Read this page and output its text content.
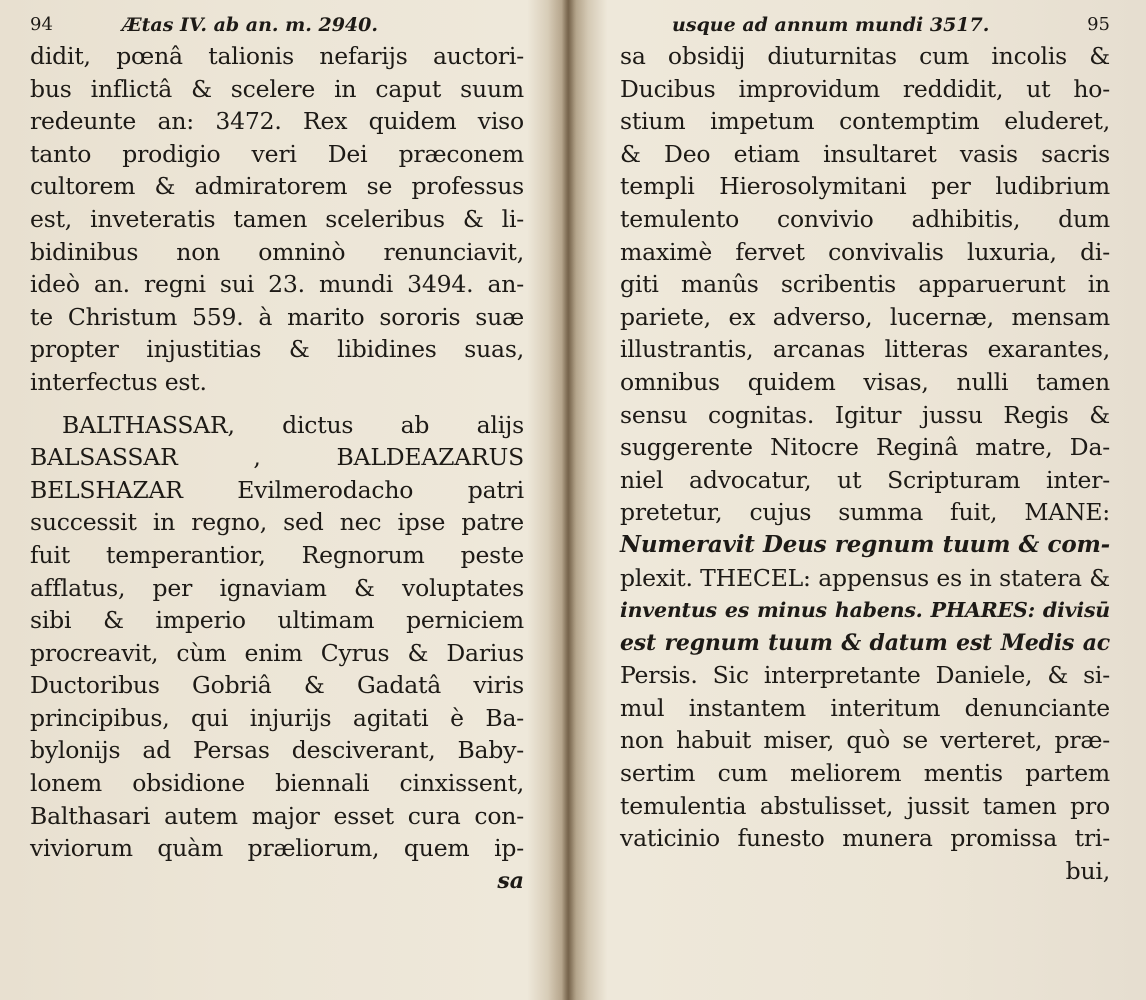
94	Ætas IV. ab an. m. 2940.
didit, pœnâ talionis nefarijs auctori-
bus inflictâ & scelere in caput suum
redeunte an: 3472. Rex quidem viso
tanto prodigio veri Dei præconem
cultorem & admiratorem se professus
est, inveteratis tamen sceleribus & li-
bidinibus non omninò renunciavit,
ideò an. regni sui 23. mundi 3494. an-
te Christum 559. à marito sororis suæ
propter injustitias & libidines suas,
interfectus est.
BALTHASSAR, dictus ab alijs
BALSASSAR , BALDEAZARUS
BELSHAZAR Evilmerodacho patri
successit in regno, sed nec ipse patre
fuit temperantior, Regnorum peste
afflatus, per ignaviam & voluptates
sibi & imperio ultimam perniciem
procreavit, cùm enim Cyrus & Darius
Ductoribus Gobriâ & Gadatâ viris
principibus, qui injurijs agitati è Ba-
bylonijs ad Persas desciverant, Baby-
lonem obsidione biennali cinxissent,
Balthasari autem major esset cura con-
viviorum quàm præliorum, quem ip-
sa
usque ad annum mundi 3517.	95
sa obsidij diuturnitas cum incolis &
Ducibus improvidum reddidit, ut ho-
stium impetum contemptim eluderet,
& Deo etiam insultaret vasis sacris
templi Hierosolymitani per ludibrium
temulento convivio adhibitis, dum
maximè fervet convivalis luxuria, di-
giti manûs scribentis apparuerunt in
pariete, ex adverso, lucernæ, mensam
illustrantis, arcanas litteras exarantes,
omnibus quidem visas, nulli tamen
sensu cognitas. Igitur jussu Regis &
suggerente Nitocre Reginâ matre, Da-
niel advocatur, ut Scripturam inter-
pretetur, cujus summa fuit, MANE:
Numeravit Deus regnum tuum & com-
plexit. THECEL: appensus es in statera &
inventus es minus habens. PHARES: divisū
est regnum tuum & datum est Medis ac
Persis. Sic interpretante Daniele, & si-
mul instantem interitum denunciante
non habuit miser, quò se verteret, præ-
sertim cum meliorem mentis partem
temulentia abstulisset, jussit tamen pro
vaticinio funesto munera promissa tri-
bui,
